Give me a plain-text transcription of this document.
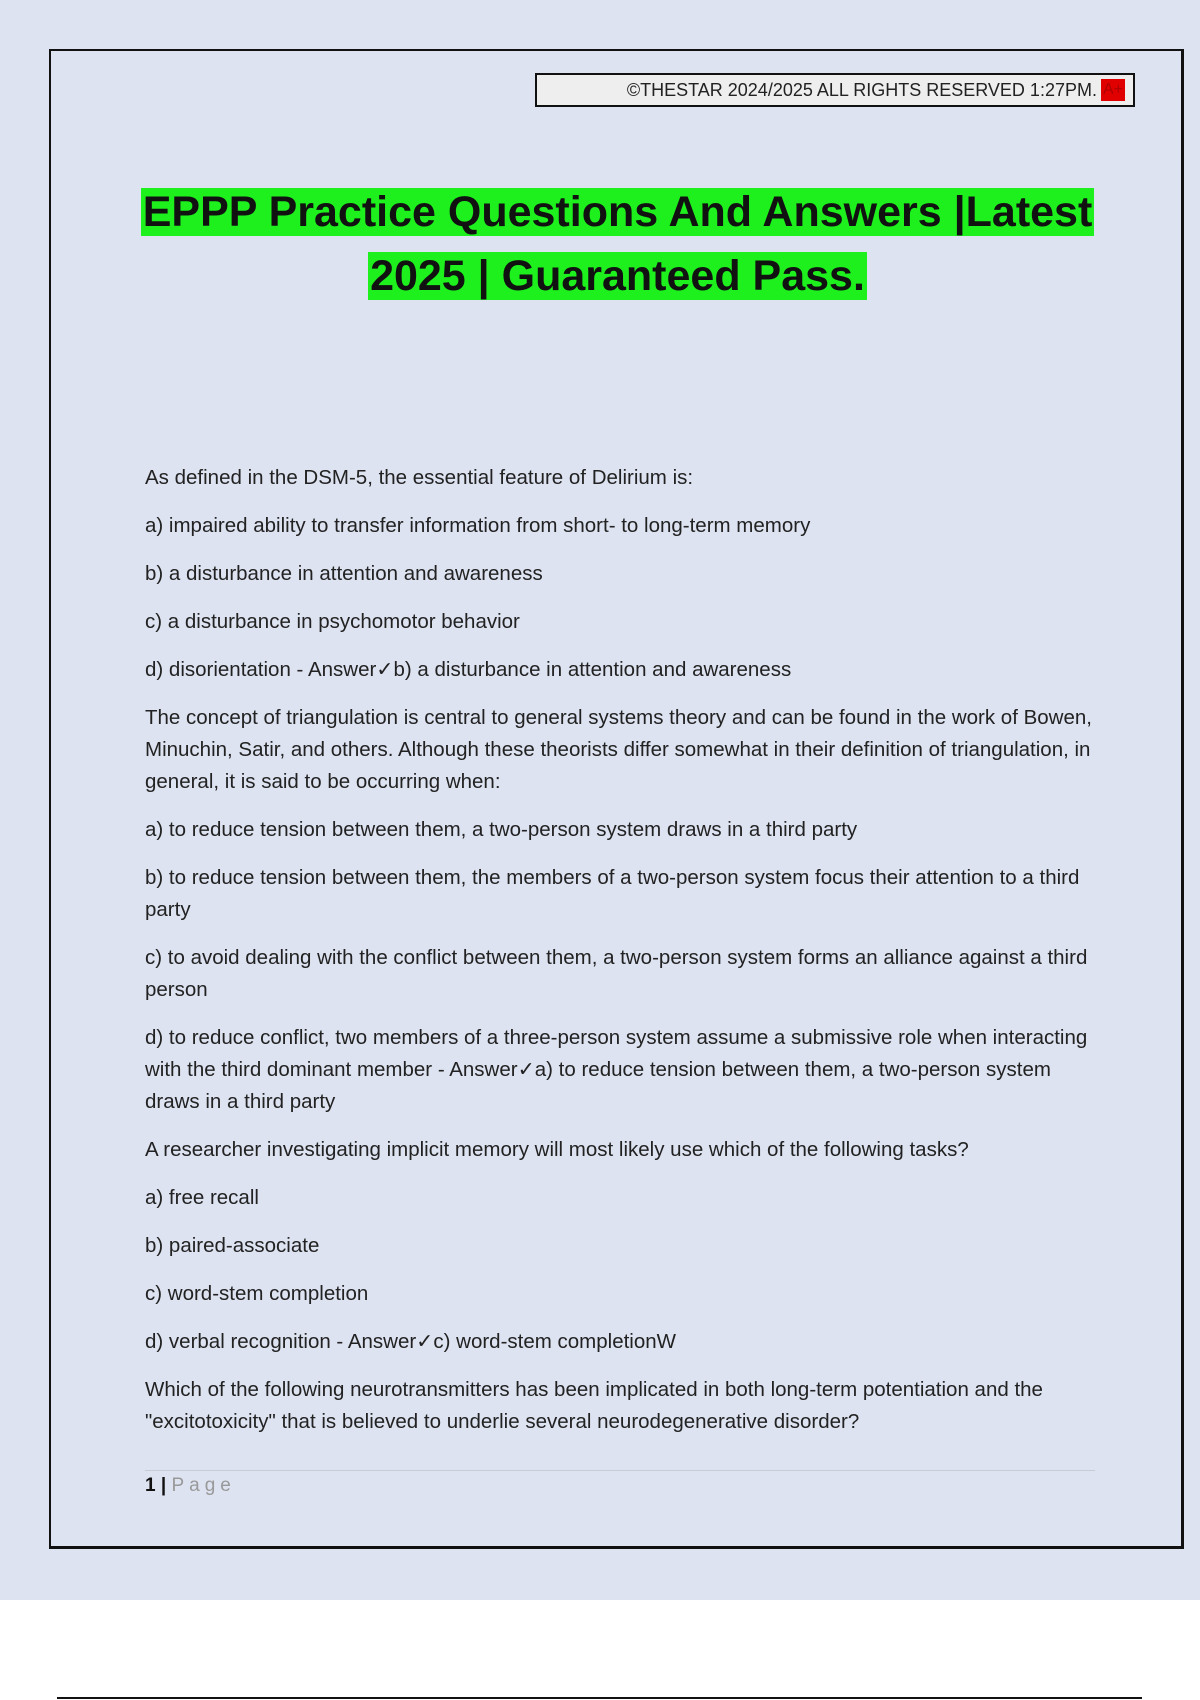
©THESTAR 2024/2025 ALL RIGHTS RESERVED 1:27PM. A+
EPPP Practice Questions And Answers |Latest
2025 | Guaranteed Pass.

As defined in the DSM-5, the essential feature of Delirium is:

a) impaired ability to transfer information from short- to long-term memory

b) a disturbance in attention and awareness

c) a disturbance in psychomotor behavior

d) disorientation - Answer✓b) a disturbance in attention and awareness

The concept of triangulation is central to general systems theory and can be found in the work of Bowen, Minuchin, Satir, and others. Although these theorists differ somewhat in their definition of triangulation, in general, it is said to be occurring when:

a) to reduce tension between them, a two-person system draws in a third party

b) to reduce tension between them, the members of a two-person system focus their attention to a third party

c) to avoid dealing with the conflict between them, a two-person system forms an alliance against a third person

d) to reduce conflict, two members of a three-person system assume a submissive role when interacting with the third dominant member - Answer✓a) to reduce tension between them, a two-person system draws in a third party

A researcher investigating implicit memory will most likely use which of the following tasks?

a) free recall

b) paired-associate

c) word-stem completion

d) verbal recognition - Answer✓c) word-stem completionW

Which of the following neurotransmitters has been implicated in both long-term potentiation and the "excitotoxicity" that is believed to underlie several neurodegenerative disorder?

1 | Page
